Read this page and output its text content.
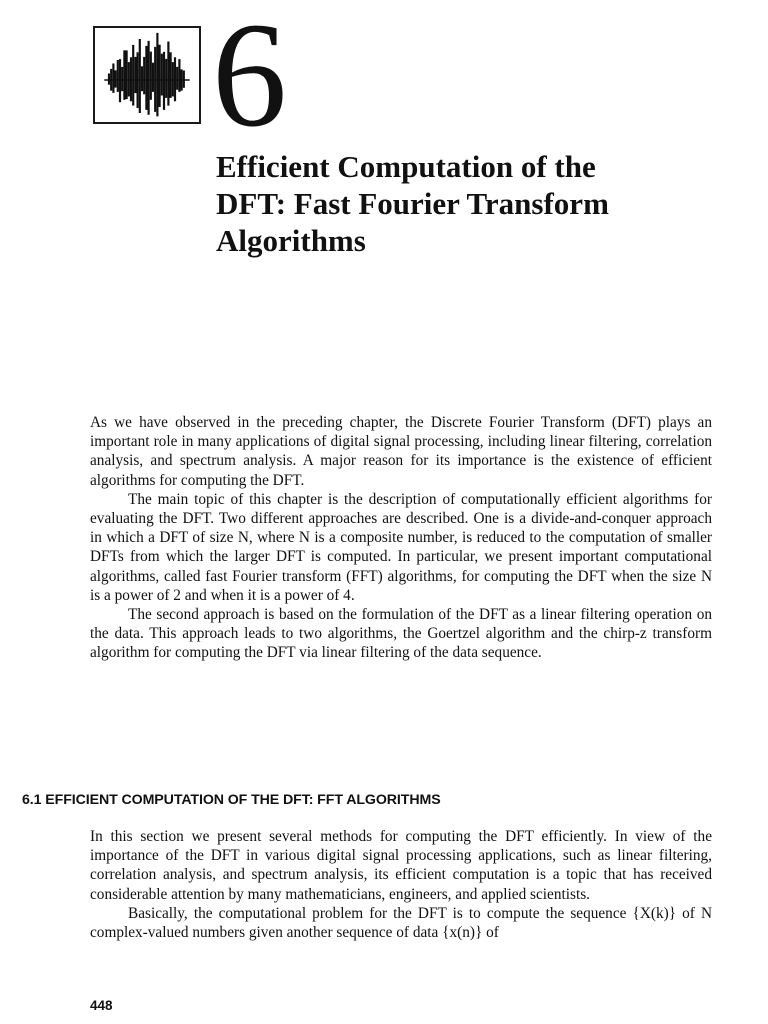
6
Efficient Computation of the
DFT: Fast Fourier Transform
Algorithms

As we have observed in the preceding chapter, the Discrete Fourier Transform (DFT) plays an important role in many applications of digital signal processing, including linear filtering, correlation analysis, and spectrum analysis. A major reason for its importance is the existence of efficient algorithms for computing the DFT.

The main topic of this chapter is the description of computationally efficient algorithms for evaluating the DFT. Two different approaches are described. One is a divide-and-conquer approach in which a DFT of size N, where N is a composite number, is reduced to the computation of smaller DFTs from which the larger DFT is computed. In particular, we present important computational algorithms, called fast Fourier transform (FFT) algorithms, for computing the DFT when the size N is a power of 2 and when it is a power of 4.

The second approach is based on the formulation of the DFT as a linear filtering operation on the data. This approach leads to two algorithms, the Goertzel algorithm and the chirp-z transform algorithm for computing the DFT via linear filtering of the data sequence.

6.1 EFFICIENT COMPUTATION OF THE DFT: FFT ALGORITHMS

In this section we present several methods for computing the DFT efficiently. In view of the importance of the DFT in various digital signal processing applications, such as linear filtering, correlation analysis, and spectrum analysis, its efficient computation is a topic that has received considerable attention by many mathematicians, engineers, and applied scientists.

Basically, the computational problem for the DFT is to compute the sequence {X(k)} of N complex-valued numbers given another sequence of data {x(n)} of

448
